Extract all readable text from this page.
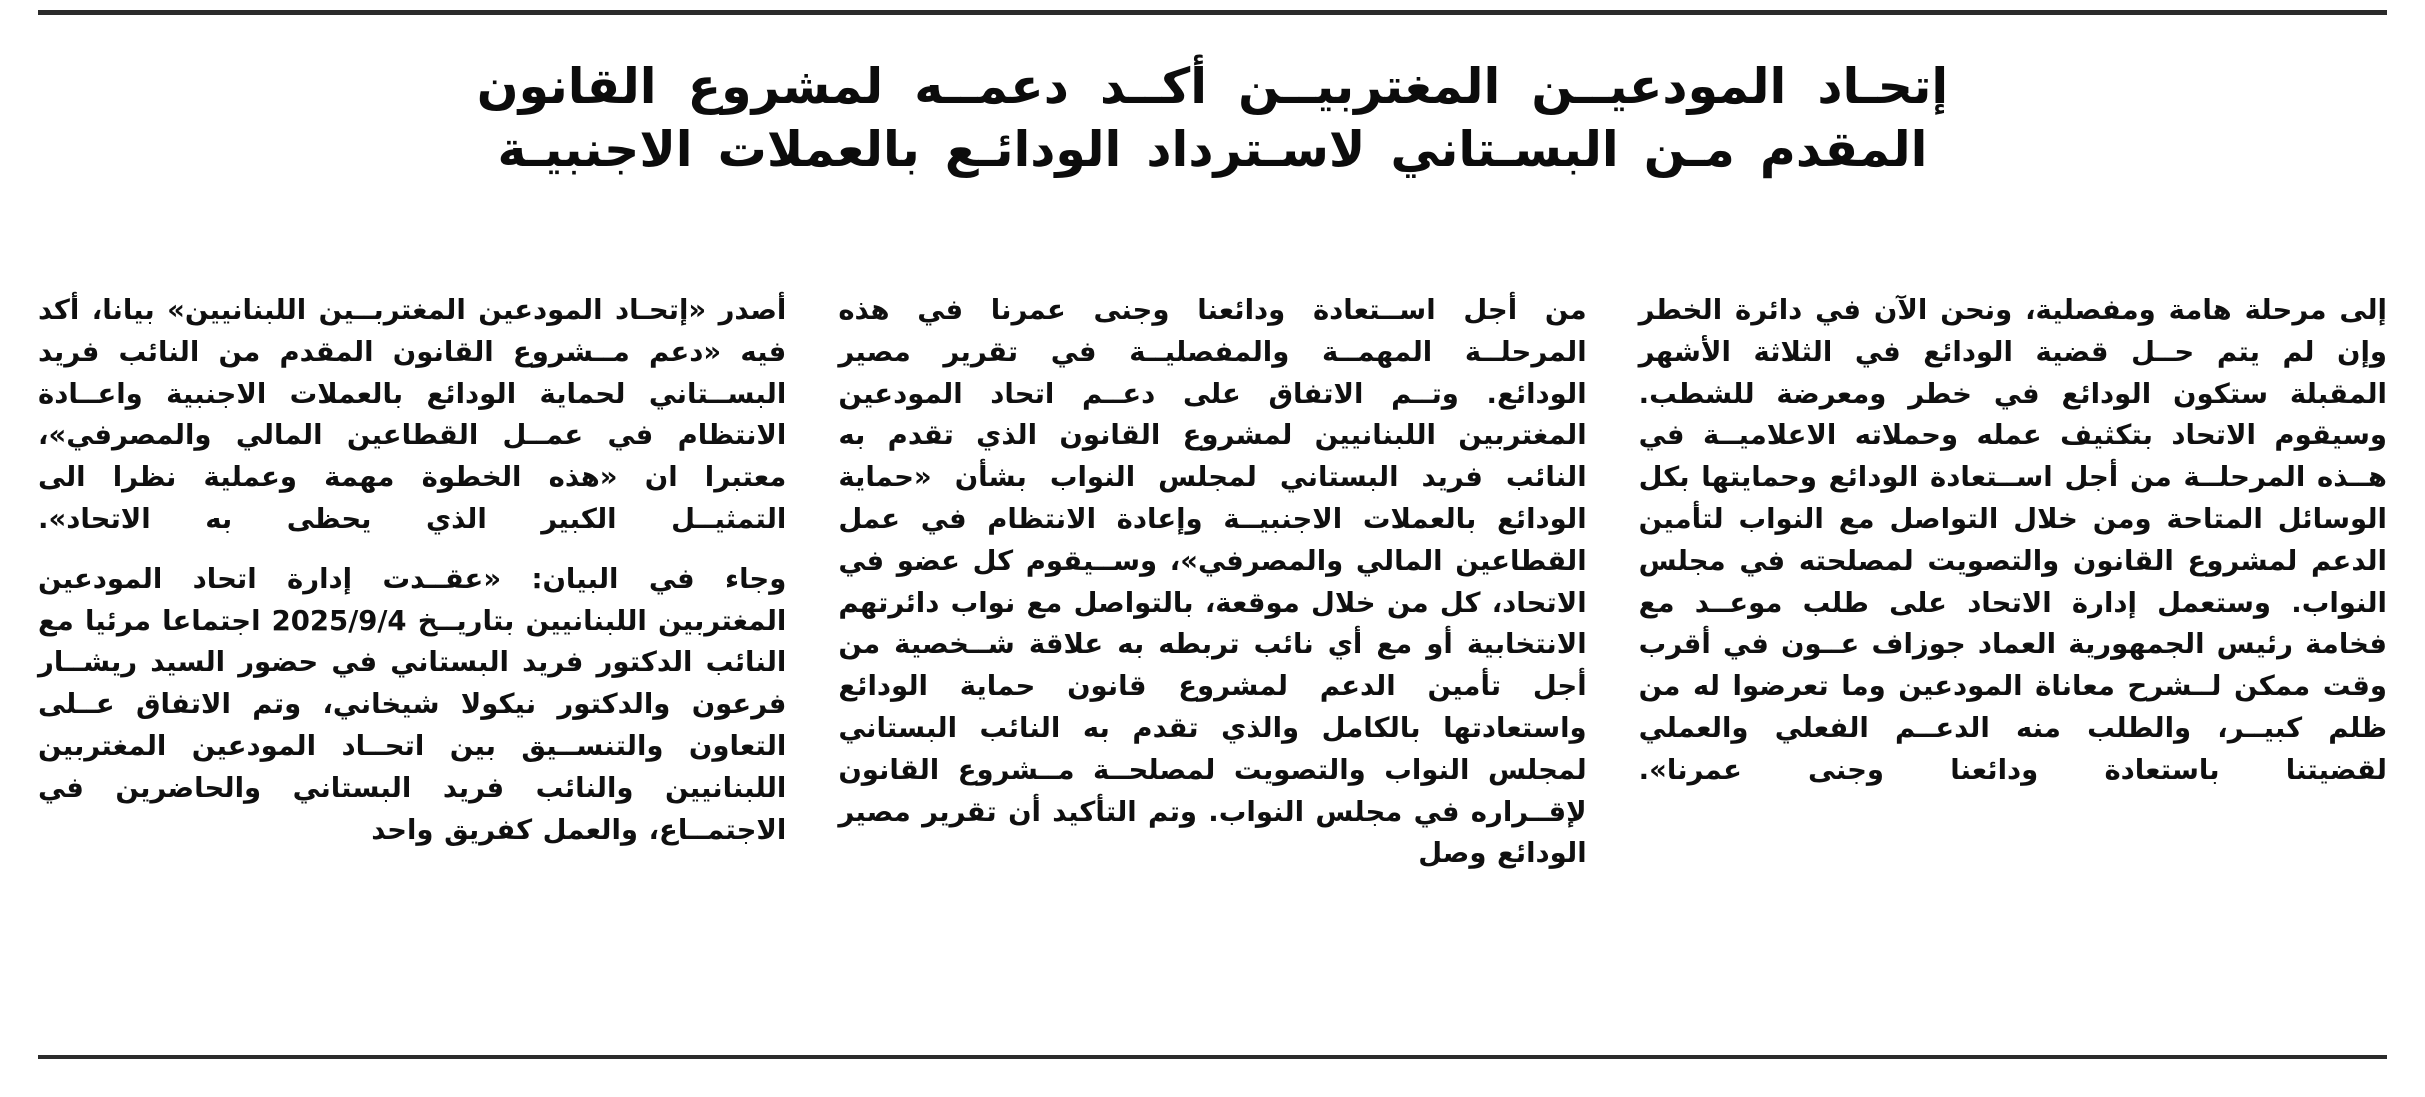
إتحـاد المودعيــن المغتربيــن أكــد دعمــه لمشروع القانون
المقدم مـن البسـتاني لاسـترداد الودائـع بالعملات الاجنبيـة

أصدر «إتحـاد المودعين المغتربــين اللبنانيين» بيانا، أكد فيه «دعم مــشروع القانون المقدم من النائب فريد البســتاني لحماية الودائع بالعملات الاجنبية واعــادة الانتظام في عمــل القطاعين المالي والمصرفي»، معتبرا ان «هذه الخطوة مهمة وعملية نظرا الى التمثيــل الكبير الذي يحظى به الاتحاد».

وجاء في البيان: «عقــدت إدارة اتحاد المودعين المغتربين اللبنانيين بتاريــخ 2025/9/4 اجتماعا مرئيا مع النائب الدكتور فريد البستاني في حضور السيد ريشــار فرعون والدكتور نيكولا شيخاني، وتم الاتفاق عــلى التعاون والتنســيق بين اتحــاد المودعين المغتربين اللبنانيين والنائب فريد البستاني والحاضرين في الاجتمــاع، والعمل كفريق واحد

من أجل اســتعادة ودائعنا وجنى عمرنا في هذه المرحلــة المهمــة والمفصليــة في تقرير مصير الودائع. وتــم الاتفاق على دعــم اتحاد المودعين المغتربين اللبنانيين لمشروع القانون الذي تقدم به النائب فريد البستاني لمجلس النواب بشأن «حماية الودائع بالعملات الاجنبيــة وإعادة الانتظام في عمل القطاعين المالي والمصرفي»، وســيقوم كل عضو في الاتحاد، كل من خلال موقعة، بالتواصل مع نواب دائرتهم الانتخابية أو مع أي نائب تربطه به علاقة شــخصية من أجل تأمين الدعم لمشروع قانون حماية الودائع واستعادتها بالكامل والذي تقدم به النائب البستاني لمجلس النواب والتصويت لمصلحــة مــشروع القانون لإقــراره في مجلس النواب. وتم التأكيد أن تقرير مصير الودائع وصل

إلى مرحلة هامة ومفصلية، ونحن الآن في دائرة الخطر وإن لم يتم حــل قضية الودائع في الثلاثة الأشهر المقبلة ستكون الودائع في خطر ومعرضة للشطب. وسيقوم الاتحاد بتكثيف عمله وحملاته الاعلاميــة في هــذه المرحلــة من أجل اســتعادة الودائع وحمايتها بكل الوسائل المتاحة ومن خلال التواصل مع النواب لتأمين الدعم لمشروع القانون والتصويت لمصلحته في مجلس النواب. وستعمل إدارة الاتحاد على طلب موعــد مع فخامة رئيس الجمهورية العماد جوزاف عــون في أقرب وقت ممكن لــشرح معاناة المودعين وما تعرضوا له من ظلم كبيــر، والطلب منه الدعــم الفعلي والعملي لقضيتنا باستعادة ودائعنا وجنى عمرنا».
